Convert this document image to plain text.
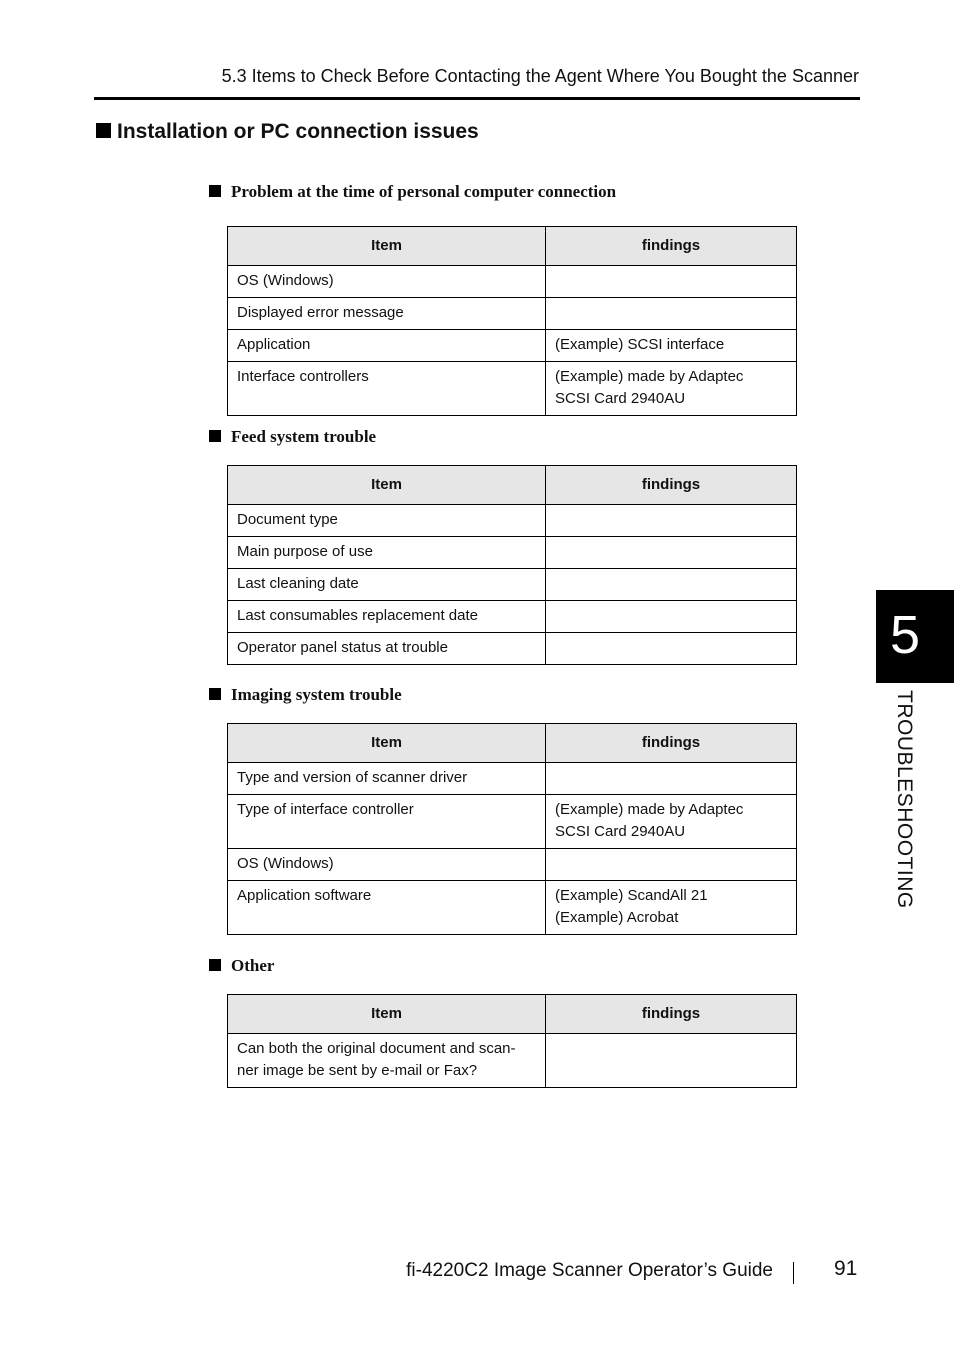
5.3 Items to Check Before Contacting the Agent Where You Bought the Scanner
Installation or PC connection issues
Problem at the time of personal computer connection
Item	findings
OS (Windows)	
Displayed error message	
Application	(Example) SCSI interface
Interface controllers	(Example) made by Adaptec
SCSI Card 2940AU
Feed system trouble
Item	findings
Document type	
Main purpose of use	
Last cleaning date	
Last consumables replacement date	
Operator panel status at trouble	
Imaging system trouble
Item	findings
Type and version of scanner driver	
Type of interface controller	(Example) made by Adaptec
SCSI Card 2940AU
OS (Windows)	
Application software	(Example) ScandAll 21
(Example) Acrobat
Other
Item	findings
Can both the original document and scan-
ner image be sent by e-mail or Fax?	
5
TROUBLESHOOTING
fi-4220C2 Image Scanner Operator’s Guide	91
